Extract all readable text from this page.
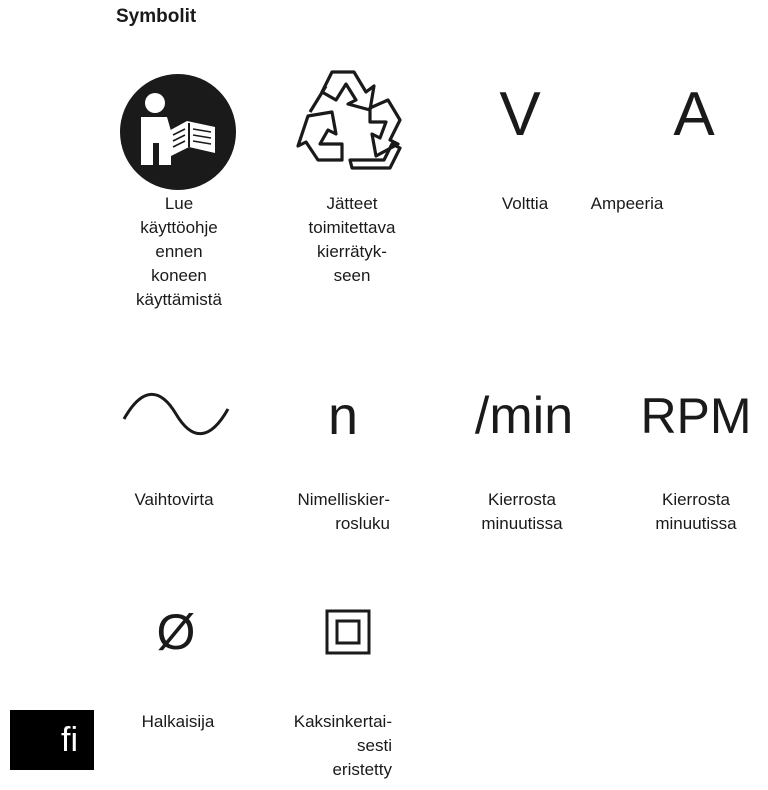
Symbolit
Lue
käyttöohje
ennen
koneen
käyttämistä
Jätteet
toimitettava
kierrätyk-
seen
V
Volttia
A
Ampeeria
Vaihtovirta
n
Nimelliskier-
rosluku
/min
Kierrosta
minuutissa
RPM
Kierrosta
minuutissa
Ø
Halkaisija	Kaksinkertai-
sesti
eristetty
fi
